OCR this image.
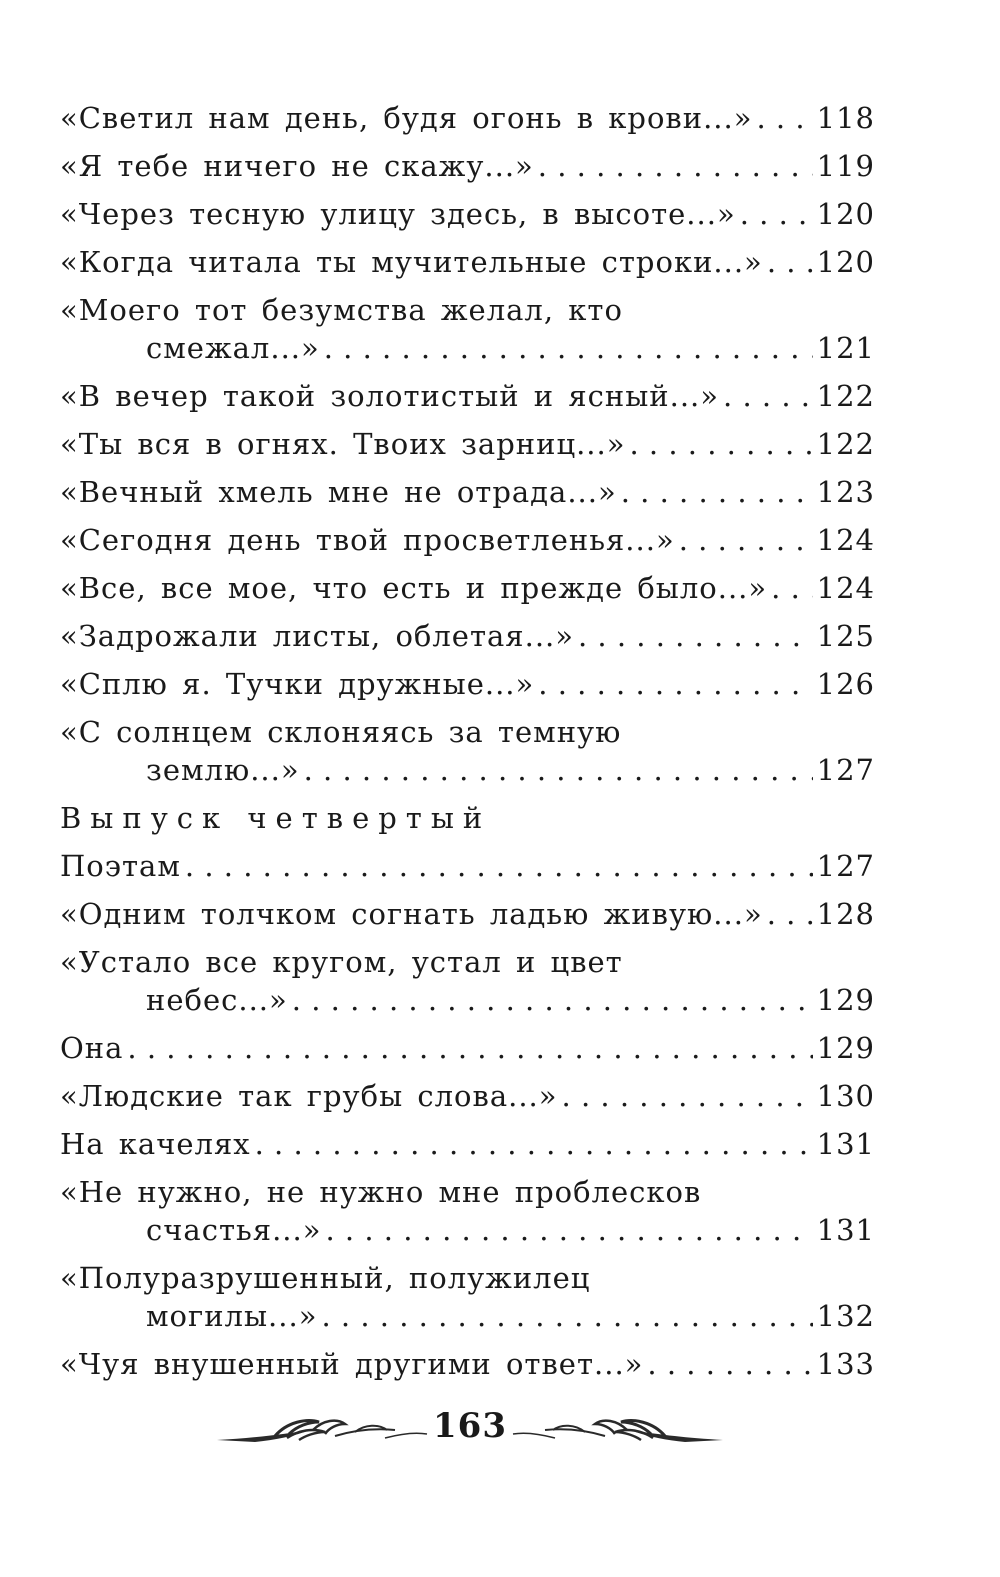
«Светил нам день, будя огонь в крови...» . . . 118
«Я тебе ничего не скажу...» . . .	119
«Через тесную улицу здесь, в высоте...» . . .	120
«Когда читала ты мучительные строки...» . . . 120
«Моего тот безумства желал, кто
смежал...» . . .	121
«В вечер такой золотистый и ясный...» . . .	122
«Ты вся в огнях. Твоих зарниц...» . . .	122
«Вечный хмель мне не отрада...» . . .	123
«Сегодня день твой просветленья...» . . .	124
«Все, все мое, что есть и прежде было...» . . . 124
«Задрожали листы, облетая...» . . .	125
«Сплю я. Тучки дружные...» . . .	126
«С солнцем склоняясь за темную
землю...» . . .	127
Выпуск четвертый
Поэтам . . .	127
«Одним толчком согнать ладью живую...» . . . 128
«Устало все кругом, устал и цвет
небес...» . . .	129
Она . . .	129
«Людские так грубы слова...» . . .	130
На качелях . . .	131
«Не нужно, не нужно мне проблесков
счастья...» . . .	131
«Полуразрушенный, полужилец
могилы...» . . .	132
«Чуя внушенный другими ответ...» . . .	133
163
